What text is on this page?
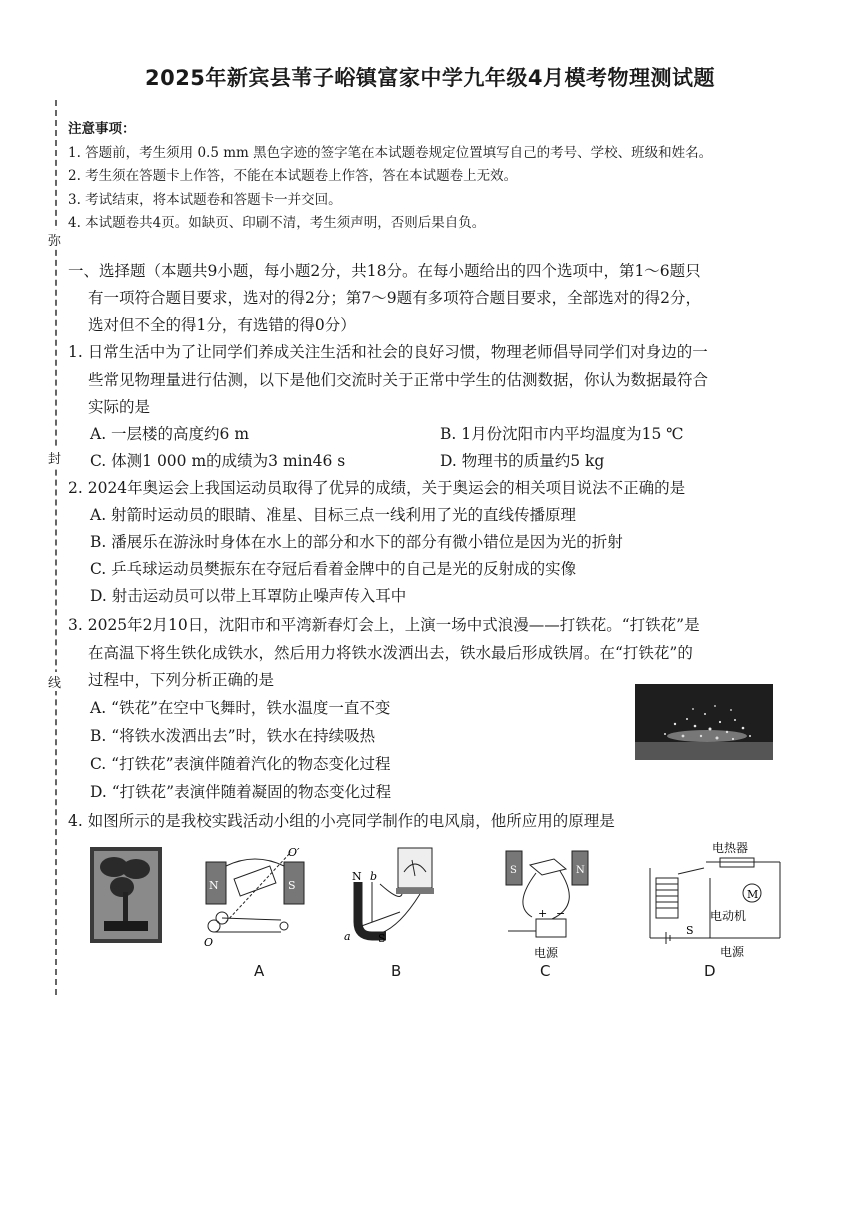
2025年新宾县苇子峪镇富家中学九年级4月模考物理测试题
弥
封
线
注意事项：
1. 答题前，考生须用 0.5 mm 黑色字迹的签字笔在本试题卷规定位置填写自己的考号、学校、班级和姓名。
2. 考生须在答题卡上作答，不能在本试题卷上作答，答在本试题卷上无效。
3. 考试结束，将本试题卷和答题卡一并交回。
4. 本试题卷共4页。如缺页、印刷不清，考生须声明，否则后果自负。
一、选择题（本题共9小题，每小题2分，共18分。在每小题给出的四个选项中，第1～6题只
有一项符合题目要求，选对的得2分；第7～9题有多项符合题目要求，全部选对的得2分，
选对但不全的得1分，有选错的得0分）
1. 日常生活中为了让同学们养成关注生活和社会的良好习惯，物理老师倡导同学们对身边的一
些常见物理量进行估测，以下是他们交流时关于正常中学生的估测数据，你认为数据最符合
实际的是
A. 一层楼的高度约6 m	B. 1月份沈阳市内平均温度为15 ℃
C. 体测1 000 m的成绩为3 min46 s	D. 物理书的质量约5 kg
2. 2024年奥运会上我国运动员取得了优异的成绩，关于奥运会的相关项目说法不正确的是
A. 射箭时运动员的眼睛、准星、目标三点一线利用了光的直线传播原理
B. 潘展乐在游泳时身体在水上的部分和水下的部分有微小错位是因为光的折射
C. 乒乓球运动员樊振东在夺冠后看着金牌中的自己是光的反射成的实像
D. 射击运动员可以带上耳罩防止噪声传入耳中
3. 2025年2月10日，沈阳市和平湾新春灯会上，上演一场中式浪漫——打铁花。“打铁花”是
在高温下将生铁化成铁水，然后用力将铁水泼洒出去，铁水最后形成铁屑。在“打铁花”的
过程中，下列分析正确的是
A. “铁花”在空中飞舞时，铁水温度一直不变
B. “将铁水泼洒出去”时，铁水在持续吸热
C. “打铁花”表演伴随着汽化的物态变化过程
D. “打铁花”表演伴随着凝固的物态变化过程
4. 如图所示的是我校实践活动小组的小亮同学制作的电风扇，他所应用的原理是
N	S
O′
O
N b
a S
S	N
+ −
电源
电热器
M
电动机
S
电源
A	B	C	D
